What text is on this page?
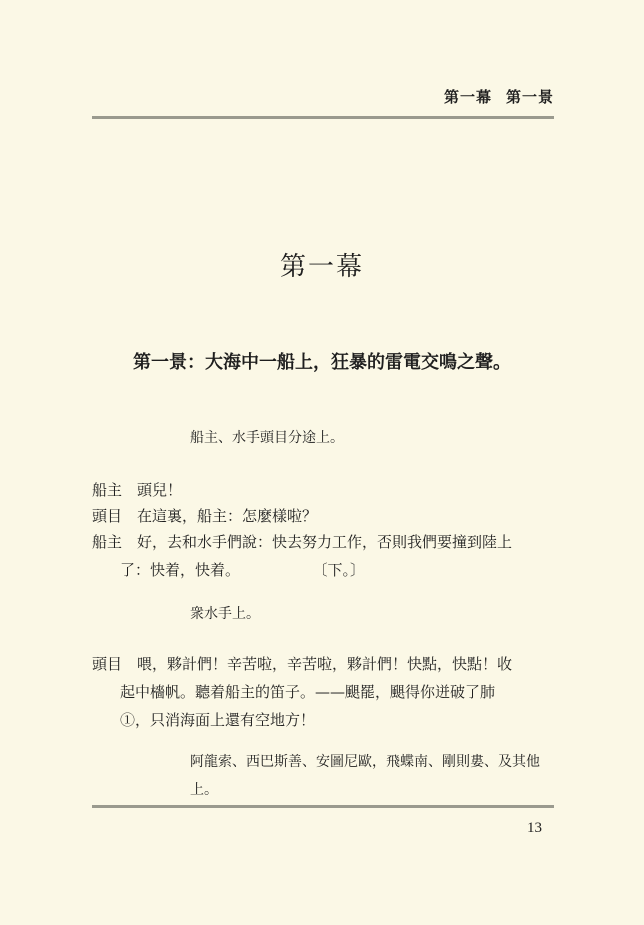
第一幕 第一景
第一幕
第一景：大海中一船上，狂暴的雷電交鳴之聲。
船主、水手頭目分途上。
船主 頭兒！
頭目 在這裏，船主：怎麼樣啦？
船主 好，去和水手們說：快去努力工作，否則我們要撞到陸上
了：快着，快着。	〔下。〕
衆水手上。
頭目 喂，夥計們！辛苦啦，辛苦啦，夥計們！快點，快點！收
起中檣帆。聽着船主的笛子。——颶罷，颶得你迸破了肺
①，只消海面上還有空地方！
阿龍索、西巴斯善、安圖尼歐，飛蝶南、剛則婁、及其他上。
13
